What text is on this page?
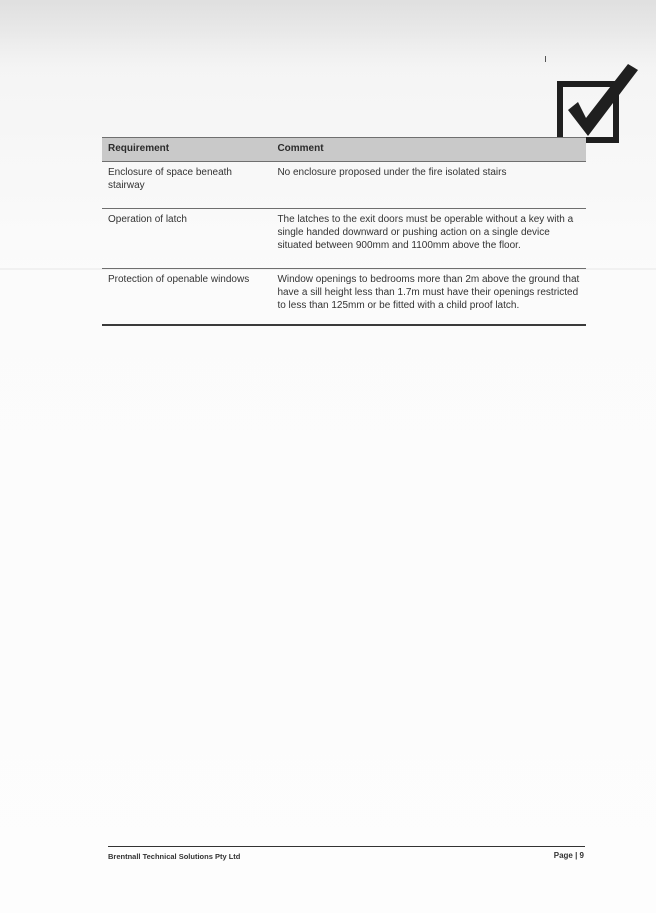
Requirement	Comment
Enclosure of space beneath stairway	No enclosure proposed under the fire isolated stairs
Operation of latch	The latches to the exit doors must be operable without a key with a single handed downward or pushing action on a single device situated between 900mm and 1100mm above the floor.
Protection of openable windows	Window openings to bedrooms more than 2m above the ground that have a sill height less than 1.7m must have their openings restricted to less than 125mm or be fitted with a child proof latch.
Brentnall Technical Solutions Pty Ltd	Page | 9
